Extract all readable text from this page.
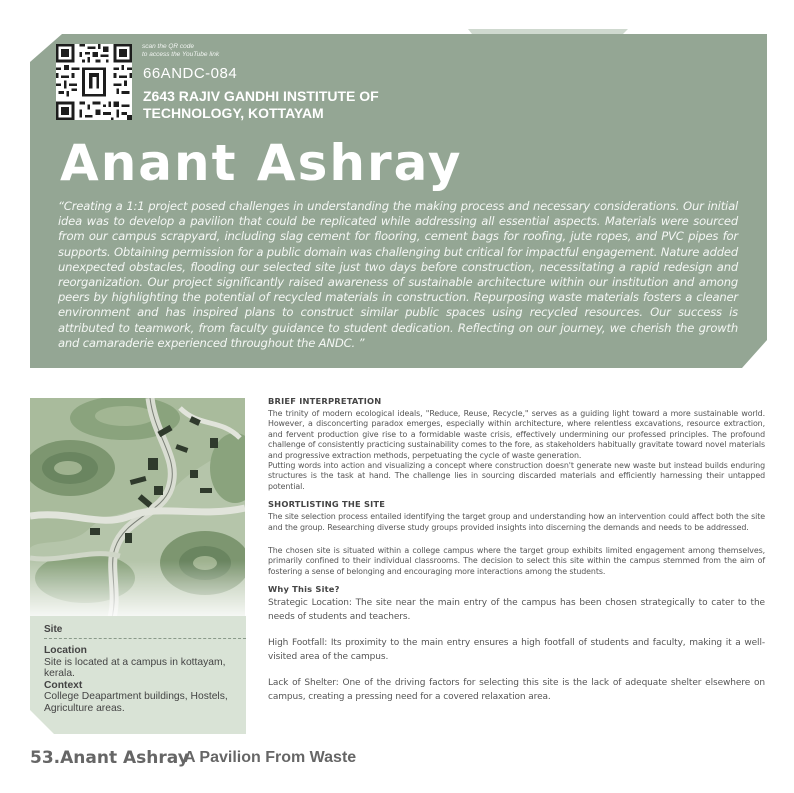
scan the QR code
to access the YouTube link
66ANDC-084
Z643 RAJIV GANDHI INSTITUTE OF
TECHNOLOGY, KOTTAYAM
Anant Ashray
“Creating a 1:1 project posed challenges in understanding the making process and necessary considerations. Our initial idea was to develop a pavilion that could be replicated while addressing all essential aspects. Materials were sourced from our campus scrapyard, including slag cement for flooring, cement bags for roofing, jute ropes, and PVC pipes for supports. Obtaining permission for a public domain was challenging but critical for impactful engagement. Nature added unexpected obstacles, flooding our selected site just two days before construction, necessitating a rapid redesign and reorganization. Our project significantly raised awareness of sustainable architecture within our institution and among peers by highlighting the potential of recycled materials in construction. Repurposing waste materials fosters a cleaner environment and has inspired plans to construct similar public spaces using recycled resources. Our success is attributed to teamwork, from faculty guidance to student dedication. Reflecting on our journey, we cherish the growth and camaraderie experienced throughout the ANDC. ”
Site
Location
Site is located at a campus in kottayam, kerala.
Context
College Deapartment buildings, Hostels, Agriculture areas.
BRIEF INTERPRETATION

The trinity of modern ecological ideals, "Reduce, Reuse, Recycle," serves as a guiding light toward a more sustainable world. However, a disconcerting paradox emerges, especially within architecture, where relentless excavations, resource extraction, and fervent production give rise to a formidable waste crisis, effectively undermining our professed principles. The profound challenge of consistently practicing sustainability comes to the fore, as stakeholders habitually gravitate toward novel materials and progressive extraction methods, perpetuating the cycle of waste generation.

Putting words into action and visualizing a concept where construction doesn't generate new waste but instead builds enduring structures is the task at hand. The challenge lies in sourcing discarded materials and efficiently harnessing their untapped potential.

SHORTLISTING THE SITE

The site selection process entailed identifying the target group and understanding how an intervention could affect both the site and the group. Researching diverse study groups provided insights into discerning the demands and needs to be addressed.

The chosen site is situated within a college campus where the target group exhibits limited engagement among themselves, primarily confined to their individual classrooms. The decision to select this site within the campus stemmed from the aim of fostering a sense of belonging and encouraging more interactions among the students.

Why This Site?

Strategic Location: The site near the main entry of the campus has been chosen strategically to cater to the needs of students and teachers.

High Footfall: Its proximity to the main entry ensures a high footfall of students and faculty, making it a well-visited area of the campus.

Lack of Shelter: One of the driving factors for selecting this site is the lack of adequate shelter elsewhere on campus, creating a pressing need for a covered relaxation area.

53.Anant Ashray
A Pavilion From Waste
